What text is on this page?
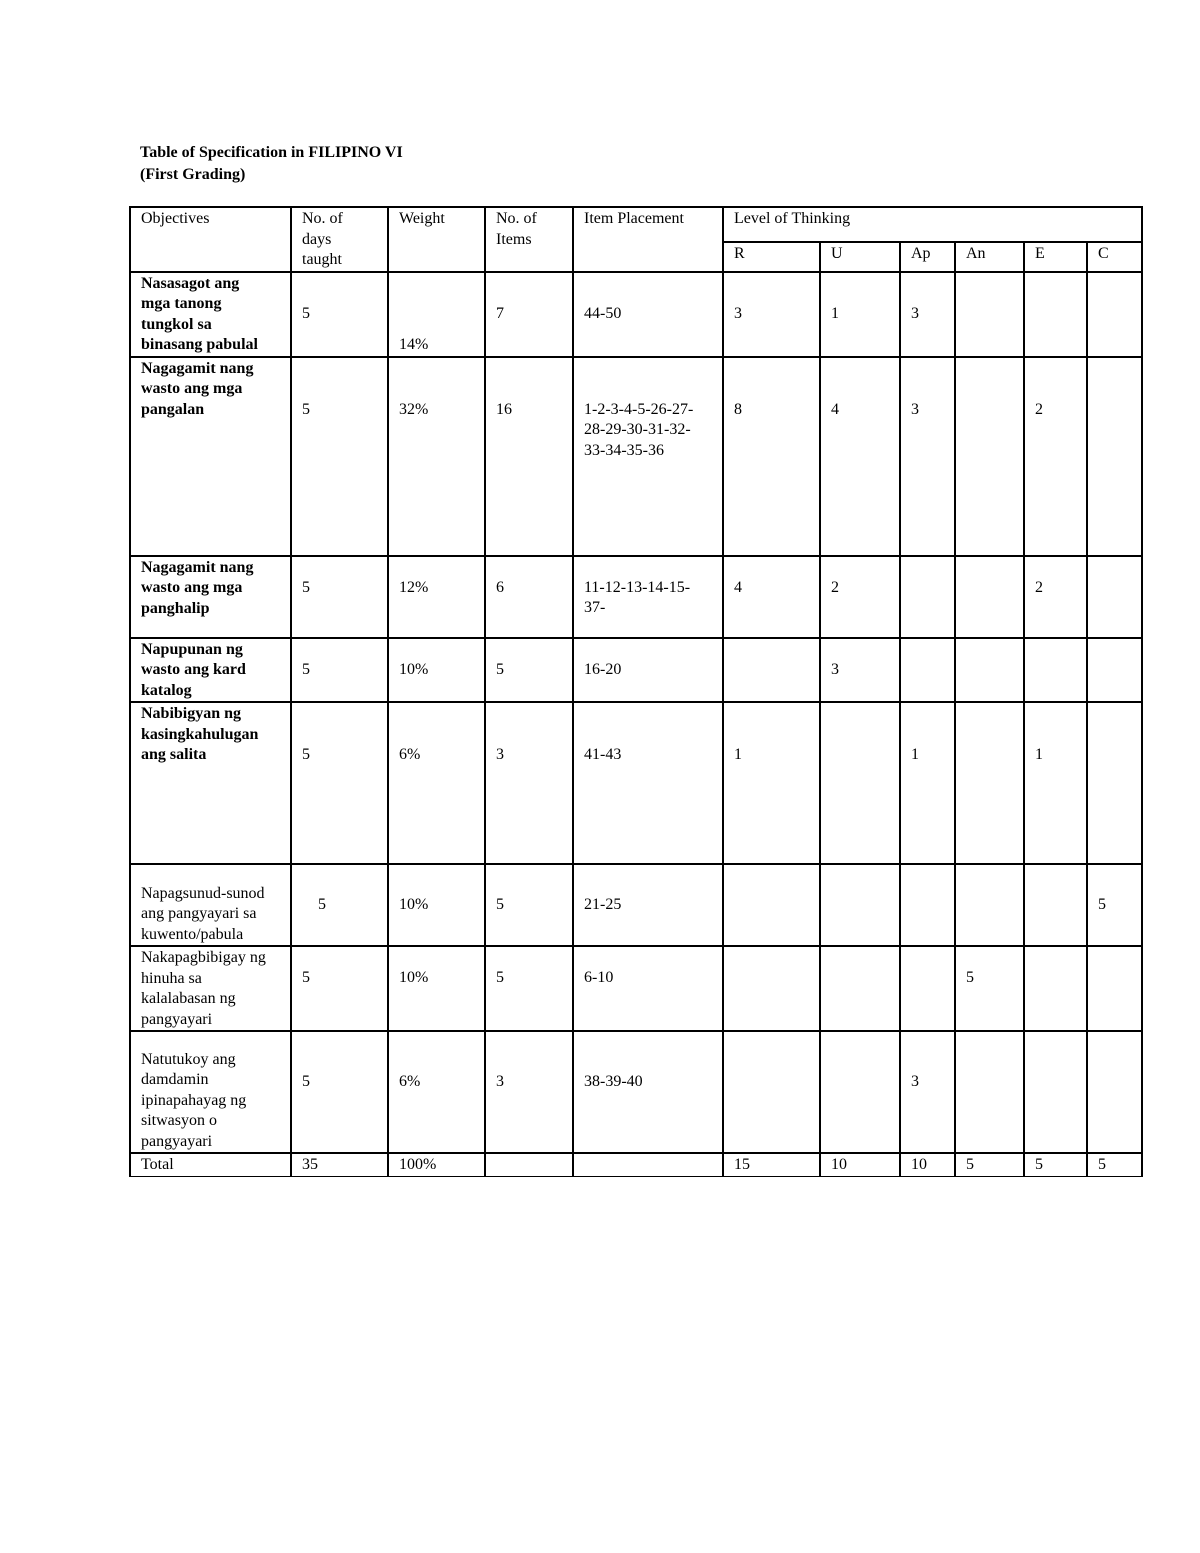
Table of Specification in FILIPINO VI
(First Grading)
Objectives	No. of
days
taught	Weight	No. of
Items	Item Placement	Level of Thinking					
					R	U	Ap	An	E	C
Nasasagot ang
mga tanong
tungkol sa
binasang pabulal	5	14%	7	44-50	3	1	3			
Nagagamit nang
wasto ang mga
pangalan	5	32%	16	1-2-3-4-5-26-27-
28-29-30-31-32-
33-34-35-36	8	4	3		2	
Nagagamit nang
wasto ang mga
panghalip	5	12%	6	11-12-13-14-15-
37-	4	2			2	
Napupunan ng
wasto ang kard
katalog	5	10%	5	16-20		3				
Nabibigyan ng
kasingkahulugan
ang salita	5	6%	3	41-43	1		1		1	
Napagsunud-sunod
ang pangyayari sa
kuwento/pabula	5	10%	5	21-25						5
Nakapagbibigay ng
hinuha sa
kalalabasan ng
pangyayari	5	10%	5	6-10				5		
Natutukoy ang
damdamin
ipinapahayag ng
sitwasyon o
pangyayari	5	6%	3	38-39-40			3			
Total	35	100%			15	10	10	5	5	5
